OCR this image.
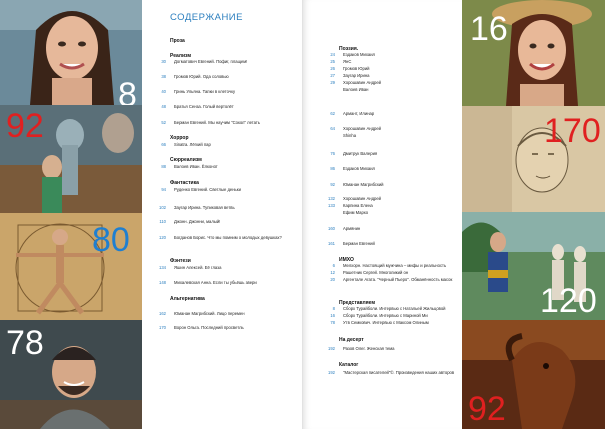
8
92
80
78
СОДЕРЖАНИЕ
Проза
Реализм
30 Догматович Евгений. Пофиг, плащем!
38 Громов Юрий. Ода соловью
40 Гринь Ульяна. Тапки в клеточку
48 Братья Сенза. Голый вертолёт
52 Берман Евгений. Мы научим "Сокол" летать
Хоррор
66 Sinatra. Лёгкий пар
Сюрреализм
88 Валоев Иван. Ёлконот
Фантастика
94 Руденко Евгений. Светлые деньки
102 Заугар Ирина. Тупиковая ветвь
110 Джонн. Джонни, малый!
120 Богданов Борис. Что мы помним о молодых девушках?
Фэнтези
134 Яшин Алексей. Её глаза
148 Михалевская Анна. Если ты убьёшь звери
Альтернатива
162 Юманан Магрибский. Лицо перемен
170 Ворон Ольга. Последний просветль
Поэзия.
24 Ездаков Михаил
25 ЯнС
26 Громов Юрий
27 Заугар Ирина
29 Хорошавин Андрей
Валоев Иван
62 Армант, Илинар
64 Хорошавин Андрей
Shinha
76 Дмитрук Валерия
86 Ездаков Михаил
92 Юманан Магрибский
132 Хорошавин Андрей
133 Карпина Елена
Ефим Марко
160 Армянин
161 Берман Евгений
ИМХО
6 Мелхорн. Настоящий мужчина – мифы и реальность
12 Рашетник Сергей. Многоликий он
20 Аргентале Агата. "Черный Пьеро". Обманённость масок
Представляем
8 Сборх Турайболи. Интервью с Натальей Жильцовой
16 Сборх Турайболи. Интервью с Мариной Ми
78 Утв Семкович. Интервью с Максом Олиным
На десерт
192 Разов Олег. Женская тема
Каталог
192 "Мастерская писателей"©. Произведения наших авторов
16
170
120
92
